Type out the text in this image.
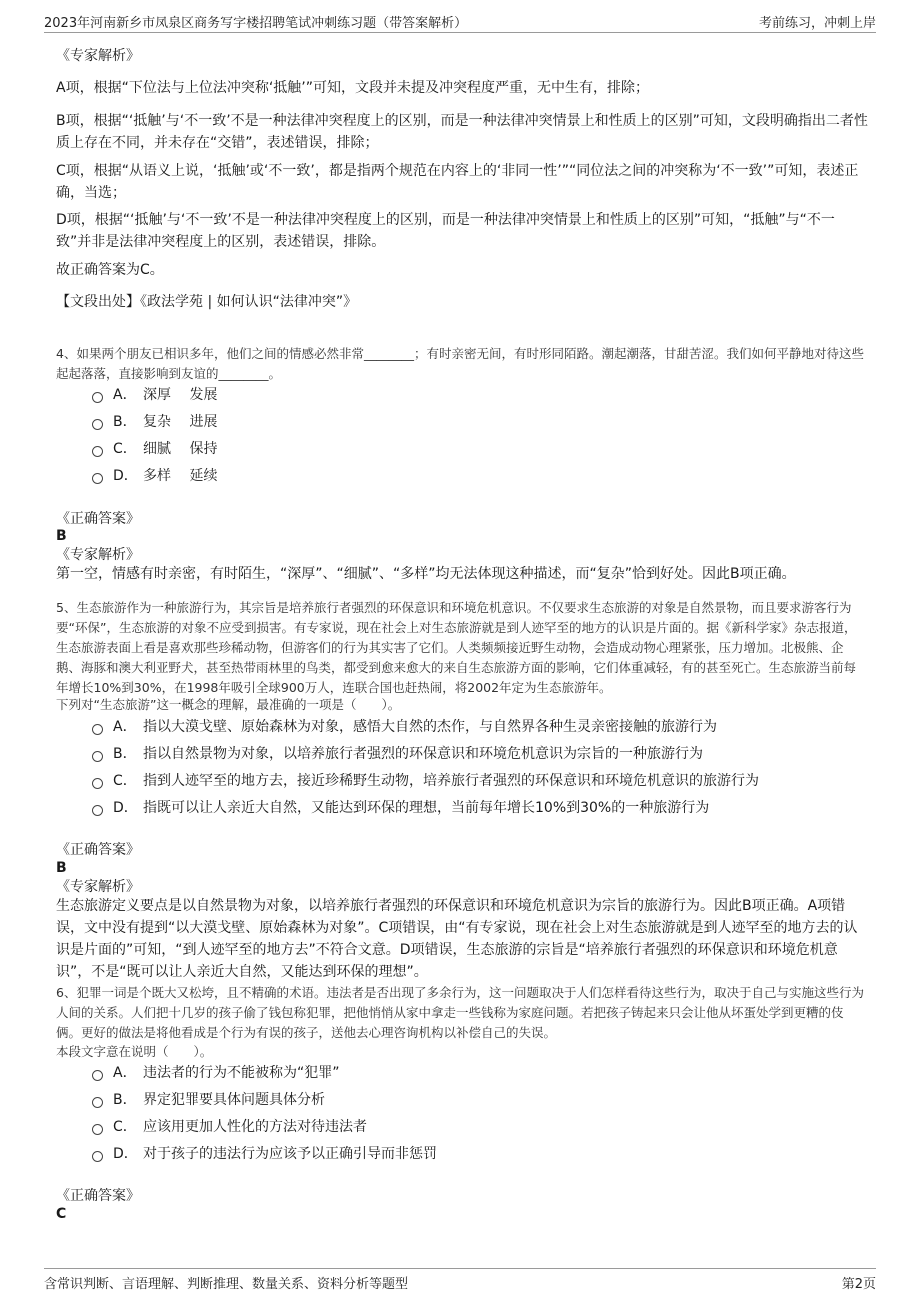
2023年河南新乡市凤泉区商务写字楼招聘笔试冲刺练习题（带答案解析）	考前练习，冲刺上岸
《专家解析》
A项，根据“下位法与上位法冲突称‘抵触’”可知，文段并未提及冲突程度严重，无中生有，排除；
B项，根据“‘抵触’与‘不一致’不是一种法律冲突程度上的区别，而是一种法律冲突情景上和性质上的区别”可知，文段明确指出二者性质上存在不同，并未存在“交错”，表述错误，排除；
C项，根据“从语义上说，‘抵触’或‘不一致’，都是指两个规范在内容上的‘非同一性’”“同位法之间的冲突称为‘不一致’”可知，表述正确，当选；
D项，根据“‘抵触’与‘不一致’不是一种法律冲突程度上的区别，而是一种法律冲突情景上和性质上的区别”可知，“抵触”与“不一致”并非是法律冲突程度上的区别，表述错误，排除。
故正确答案为C。
【文段出处】《政法学苑 | 如何认识“法律冲突”》
4、如果两个朋友已相识多年，他们之间的情感必然非常________；有时亲密无间，有时形同陌路。潮起潮落，甘甜苦涩。我们如何平静地对待这些起起落落，直接影响到友谊的________。
A． 深厚　 发展
B． 复杂　 进展
C． 细腻　 保持
D． 多样　 延续
《正确答案》
B
《专家解析》
第一空，情感有时亲密，有时陌生，“深厚”、“细腻”、“多样”均无法体现这种描述，而“复杂”恰到好处。因此B项正确。
5、生态旅游作为一种旅游行为，其宗旨是培养旅行者强烈的环保意识和环境危机意识。不仅要求生态旅游的对象是自然景物，而且要求游客行为要“环保”，生态旅游的对象不应受到损害。有专家说，现在社会上对生态旅游就是到人迹罕至的地方的认识是片面的。据《新科学家》杂志报道，生态旅游表面上看是喜欢那些珍稀动物，但游客们的行为其实害了它们。人类频频接近野生动物，会造成动物心理紧张，压力增加。北极熊、企鹅、海豚和澳大利亚野犬，甚至热带雨林里的鸟类，都受到愈来愈大的来自生态旅游方面的影响，它们体重减轻，有的甚至死亡。生态旅游当前每年增长10%到30%，在1998年吸引全球900万人，连联合国也赶热闹，将2002年定为生态旅游年。
下列对“生态旅游”这一概念的理解，最准确的一项是（　　）。
A． 指以大漠戈壁、原始森林为对象，感悟大自然的杰作，与自然界各种生灵亲密接触的旅游行为
B． 指以自然景物为对象，以培养旅行者强烈的环保意识和环境危机意识为宗旨的一种旅游行为
C． 指到人迹罕至的地方去，接近珍稀野生动物，培养旅行者强烈的环保意识和环境危机意识的旅游行为
D． 指既可以让人亲近大自然，又能达到环保的理想，当前每年增长10%到30%的一种旅游行为
《正确答案》
B
《专家解析》
生态旅游定义要点是以自然景物为对象，以培养旅行者强烈的环保意识和环境危机意识为宗旨的旅游行为。因此B项正确。A项错误，文中没有提到“以大漠戈壁、原始森林为对象”。C项错误，由“有专家说，现在社会上对生态旅游就是到人迹罕至的地方去的认识是片面的”可知，“到人迹罕至的地方去”不符合文意。D项错误，生态旅游的宗旨是“培养旅行者强烈的环保意识和环境危机意识”，不是“既可以让人亲近大自然，又能达到环保的理想”。
6、犯罪一词是个既大又松垮，且不精确的术语。违法者是否出现了多余行为，这一问题取决于人们怎样看待这些行为，取决于自己与实施这些行为人间的关系。人们把十几岁的孩子偷了钱包称犯罪，把他悄悄从家中拿走一些钱称为家庭问题。若把孩子铸起来只会让他从坏蛋处学到更糟的伎俩。更好的做法是将他看成是个行为有误的孩子，送他去心理咨询机构以补偿自己的失误。
本段文字意在说明（　　）。
A． 违法者的行为不能被称为“犯罪”
B． 界定犯罪要具体问题具体分析
C． 应该用更加人性化的方法对待违法者
D． 对于孩子的违法行为应该予以正确引导而非惩罚
《正确答案》
C
含常识判断、言语理解、判断推理、数量关系、资料分析等题型	第2页
